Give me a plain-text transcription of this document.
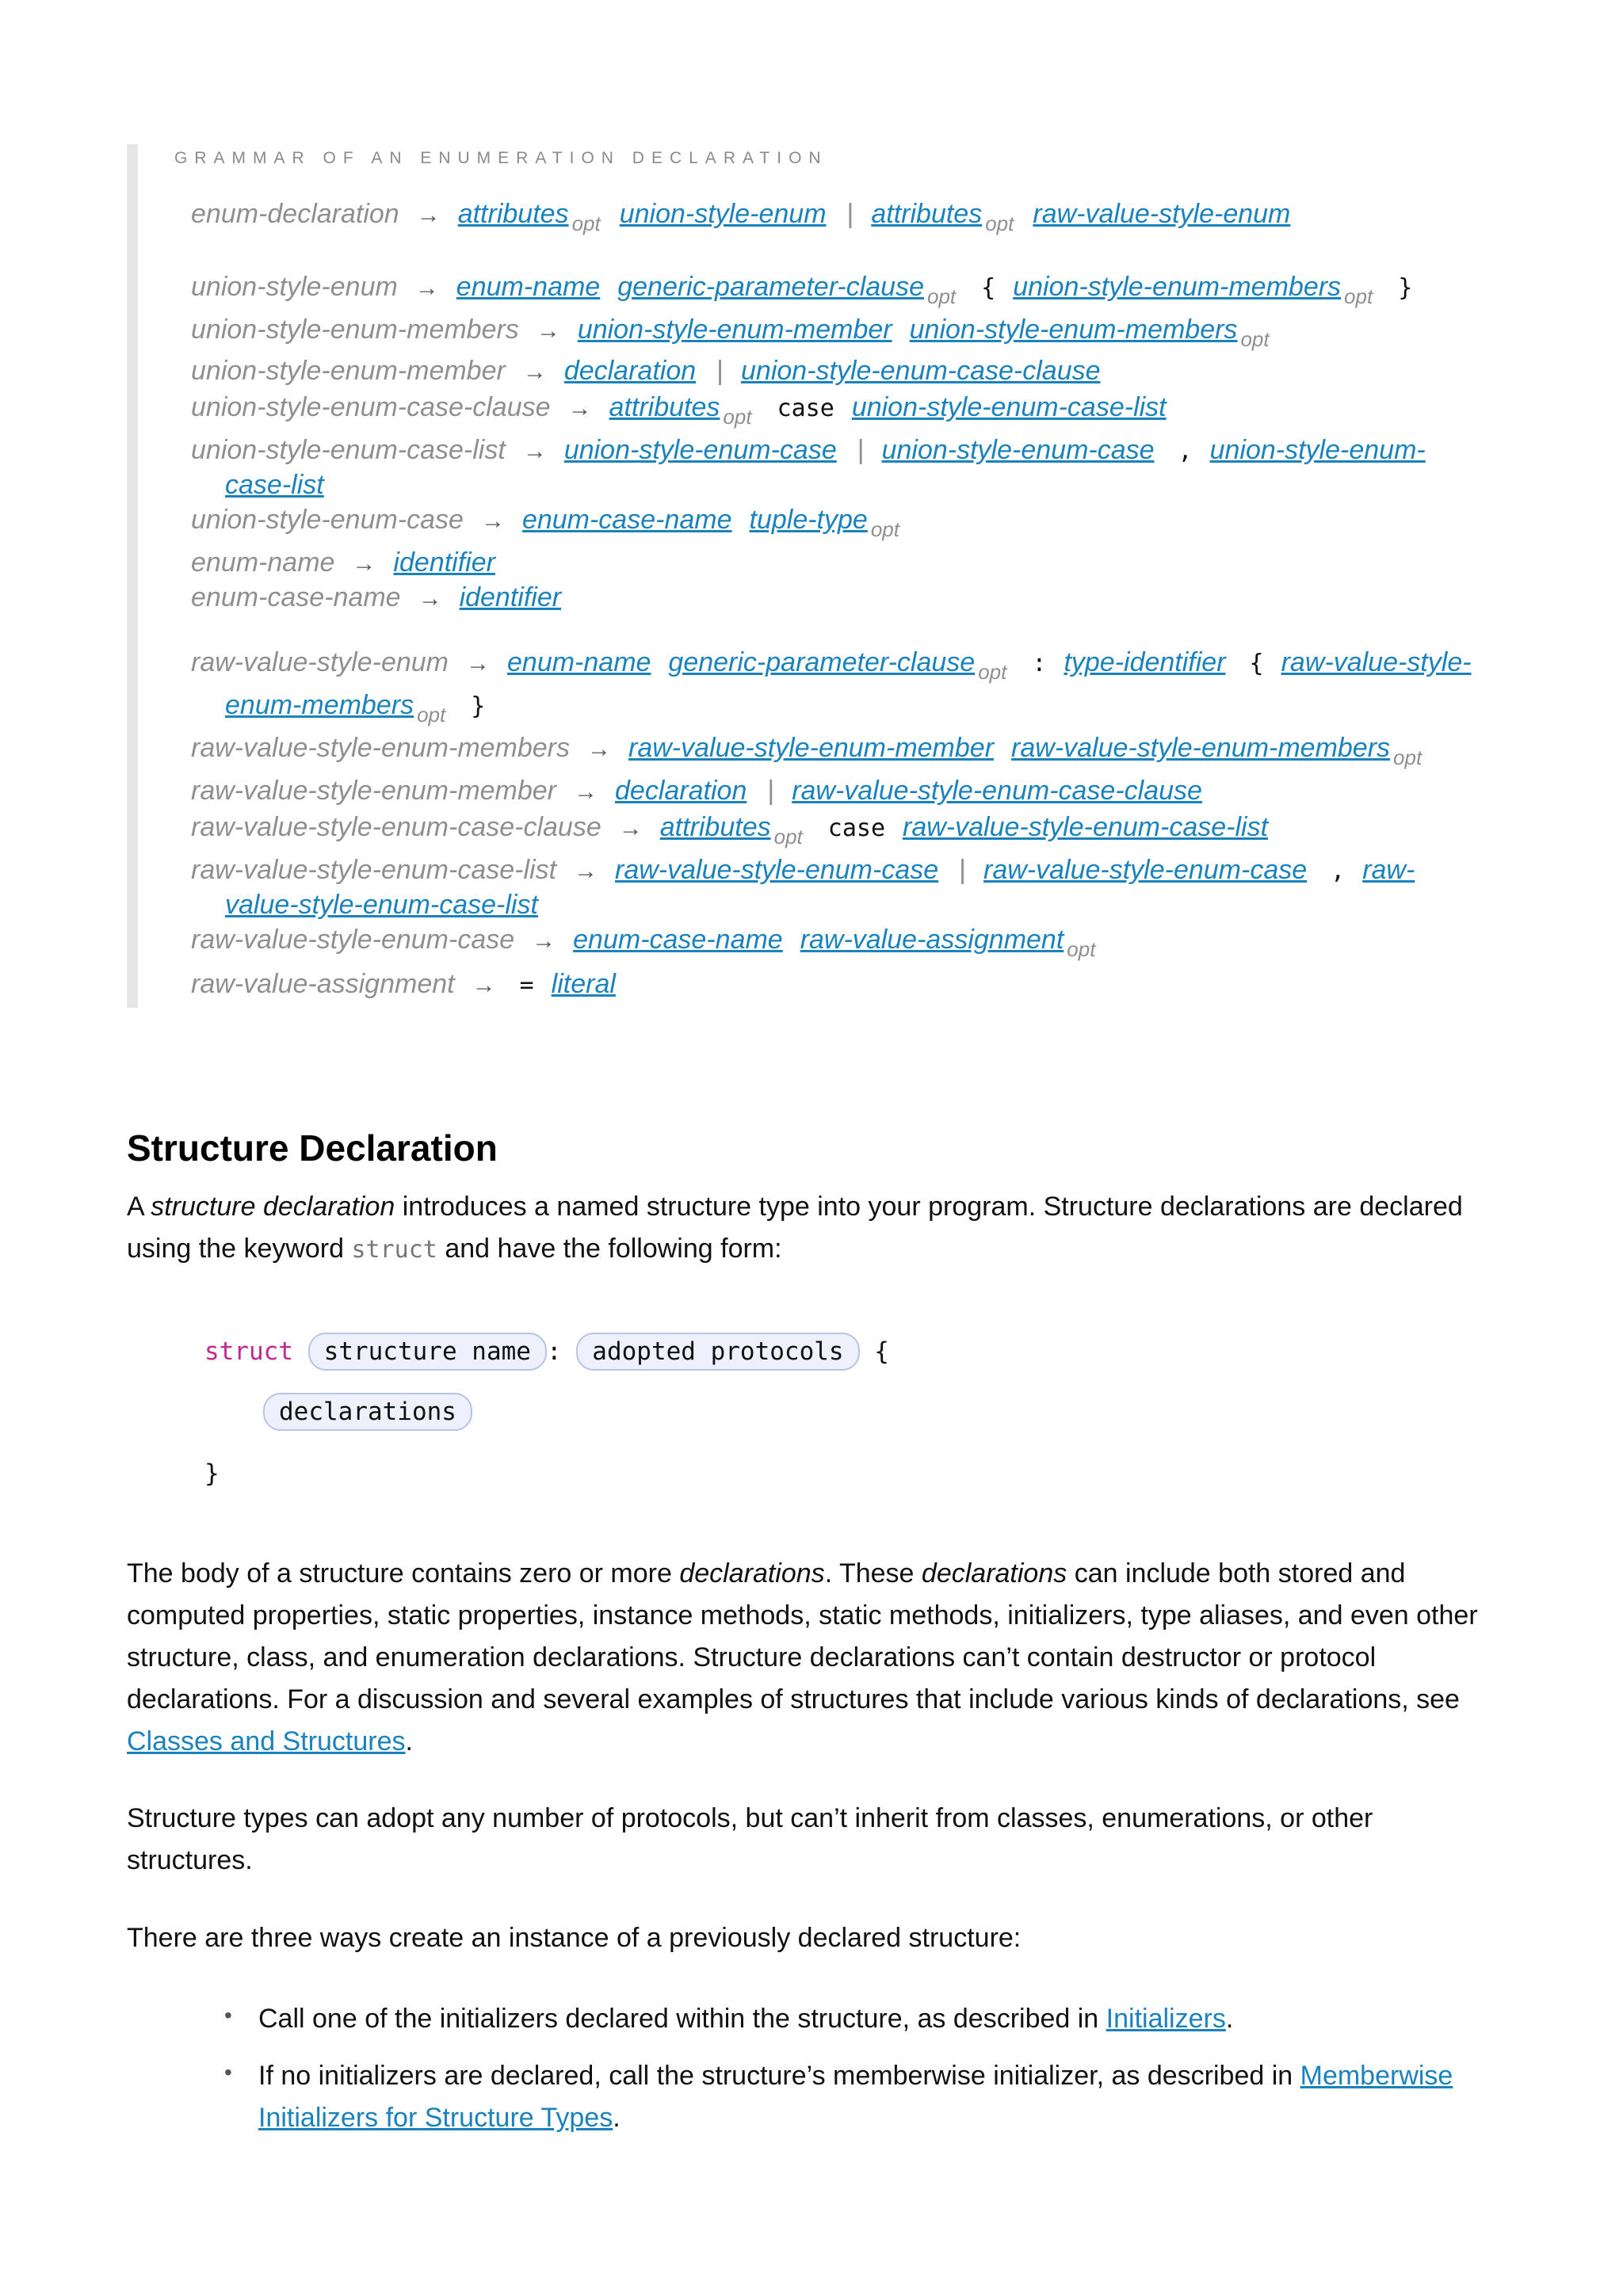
GRAMMAR OF AN ENUMERATION DECLARATION
enum-declaration → attributes opt union-style-enum | attributes opt raw-value-style-enum
union-style-enum → enum-name generic-parameter-clause opt { union-style-enum-members opt }
union-style-enum-members → union-style-enum-member union-style-enum-members opt
union-style-enum-member → declaration | union-style-enum-case-clause
union-style-enum-case-clause → attributes opt case union-style-enum-case-list
union-style-enum-case-list → union-style-enum-case | union-style-enum-case , union-style-enum-
case-list
union-style-enum-case → enum-case-name tuple-type opt
enum-name → identifier
enum-case-name → identifier
raw-value-style-enum → enum-name generic-parameter-clause opt : type-identifier { raw-value-style-
enum-members opt }
raw-value-style-enum-members → raw-value-style-enum-member raw-value-style-enum-members opt
raw-value-style-enum-member → declaration | raw-value-style-enum-case-clause
raw-value-style-enum-case-clause → attributes opt case raw-value-style-enum-case-list
raw-value-style-enum-case-list → raw-value-style-enum-case | raw-value-style-enum-case , raw-
value-style-enum-case-list
raw-value-style-enum-case → enum-case-name raw-value-assignment opt
raw-value-assignment → = literal
Structure Declaration
A structure declaration introduces a named structure type into your program. Structure declarations are declared using the keyword struct and have the following form:
struct structure name : adopted protocols {
declarations
}
The body of a structure contains zero or more declarations. These declarations can include both stored and computed properties, static properties, instance methods, static methods, initializers, type aliases, and even other structure, class, and enumeration declarations. Structure declarations can’t contain destructor or protocol declarations. For a discussion and several examples of structures that include various kinds of declarations, see Classes and Structures.
Structure types can adopt any number of protocols, but can’t inherit from classes, enumerations, or other structures.
There are three ways create an instance of a previously declared structure:
• Call one of the initializers declared within the structure, as described in Initializers.
• If no initializers are declared, call the structure’s memberwise initializer, as described in Memberwise Initializers for Structure Types.
